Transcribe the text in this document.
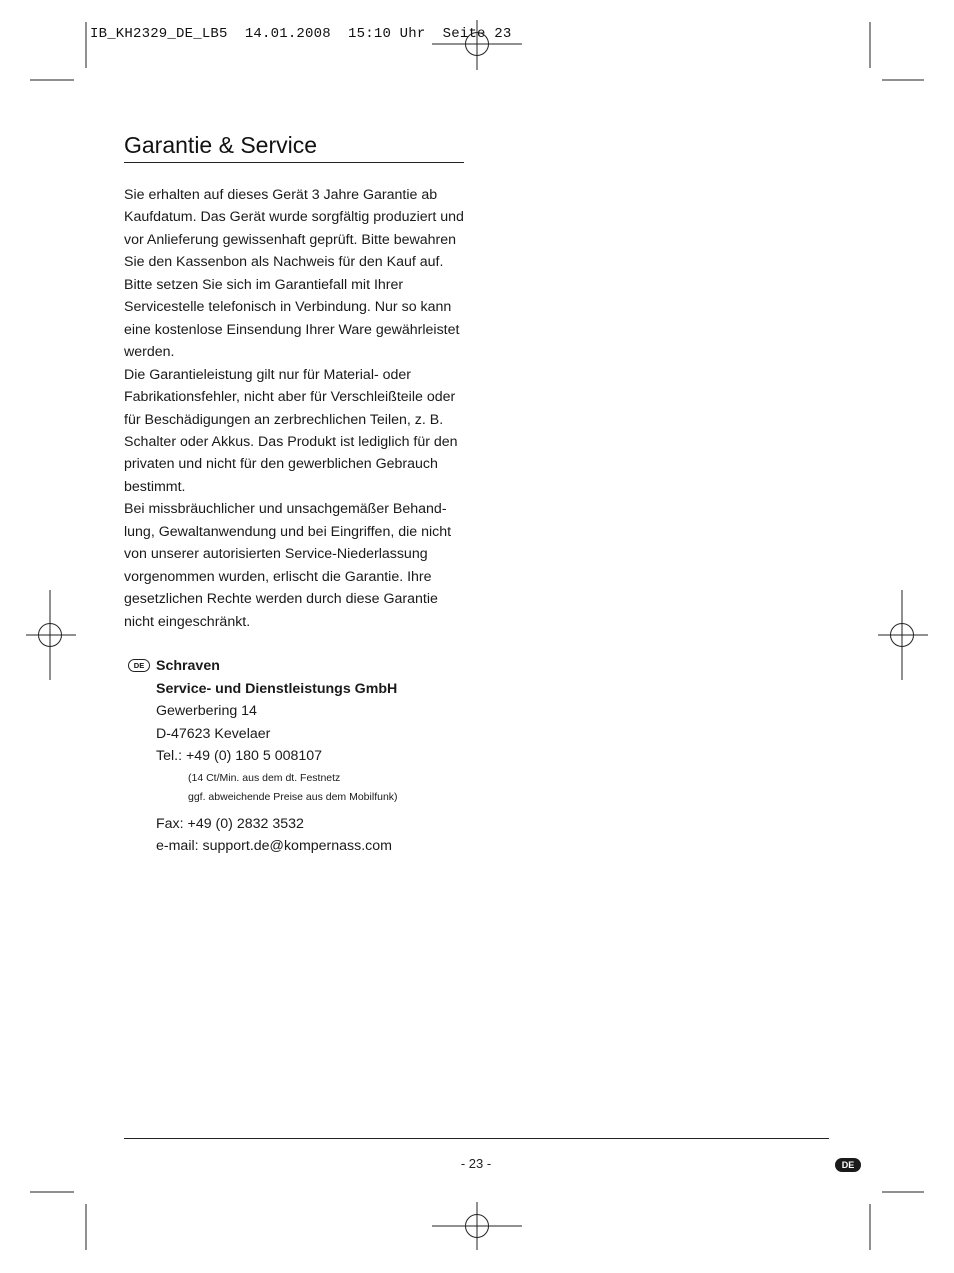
IB_KH2329_DE_LB5  14.01.2008  15:10 Uhr  Seite 23
Garantie & Service

Sie erhalten auf dieses Gerät 3 Jahre Garantie ab Kaufdatum. Das Gerät wurde sorgfältig produziert und vor Anlieferung gewissenhaft geprüft. Bitte bewahren Sie den Kassenbon als Nachweis für den Kauf auf. Bitte setzen Sie sich im Garantiefall mit Ihrer Servicestelle telefonisch in Verbindung. Nur so kann eine kostenlose Einsendung Ihrer Ware gewährleistet werden.

Die Garantieleistung gilt nur für Material- oder Fabrikationsfehler, nicht aber für Verschleißteile oder für Beschädigungen an zerbrechlichen Teilen, z. B. Schalter oder Akkus. Das Produkt ist lediglich für den privaten und nicht für den gewerblichen Gebrauch bestimmt.

Bei missbräuchlicher und unsachgemäßer Behand-lung, Gewaltanwendung und bei Eingriffen, die nicht von unserer autorisierten Service-Niederlassung vorgenommen wurden, erlischt die Garantie. Ihre gesetzlichen Rechte werden durch diese Garantie nicht eingeschränkt.

DE Schraven
Service- und Dienstleistungs GmbH
Gewerbering 14
D-47623 Kevelaer
Tel.: +49 (0) 180 5 008107
(14 Ct/Min. aus dem dt. Festnetz
ggf. abweichende Preise aus dem Mobilfunk)
Fax: +49 (0) 2832 3532
e-mail: support.de@kompernass.com
- 23 -	DE
